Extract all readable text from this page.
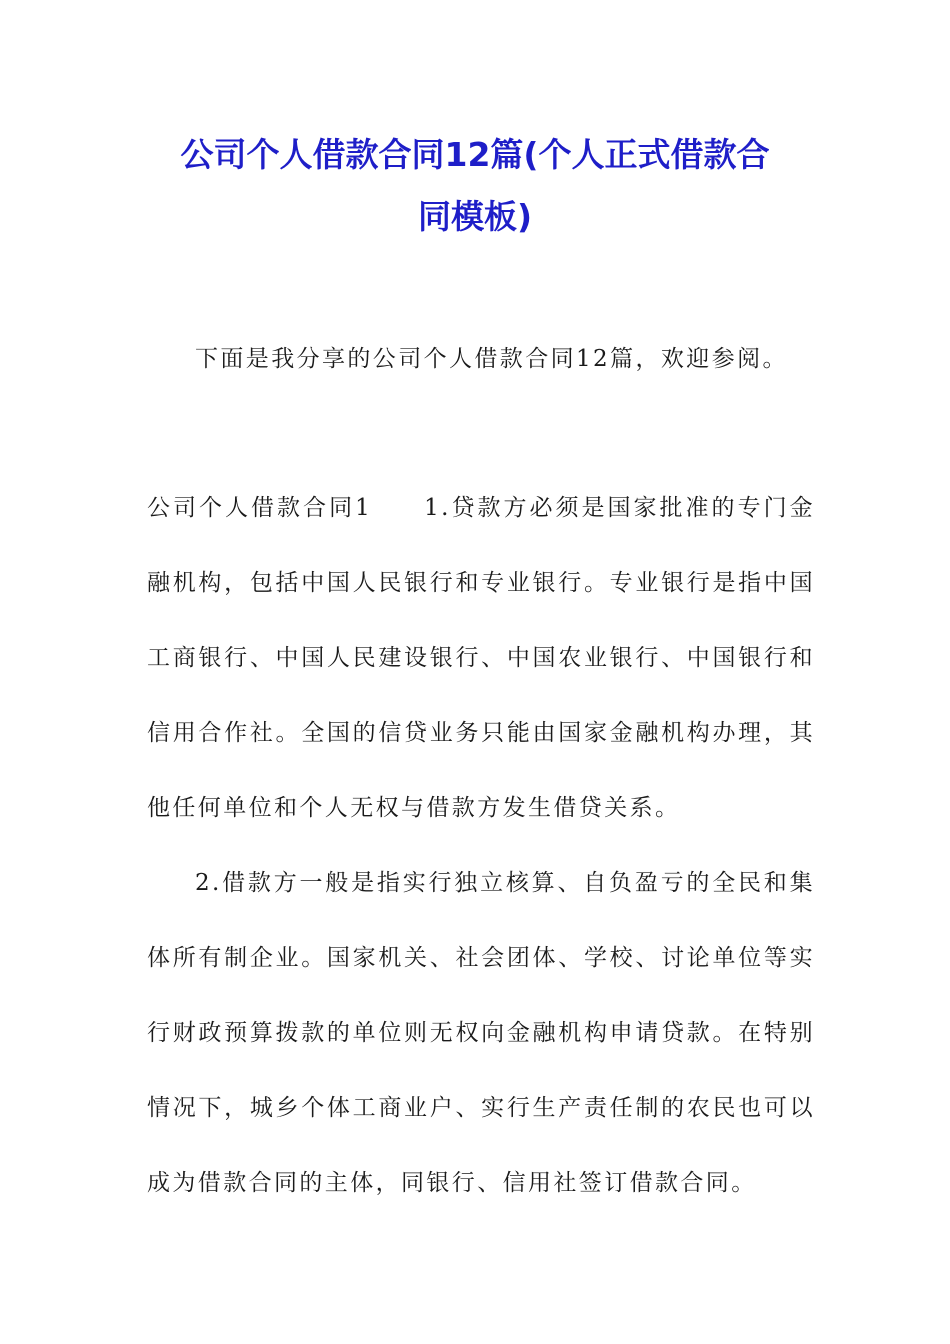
公司个人借款合同12篇(个人正式借款合
同模板)

下面是我分享的公司个人借款合同12篇，欢迎参阅。

公司个人借款合同1 1.贷款方必须是国家批准的专门金融机构，包括中国人民银行和专业银行。专业银行是指中国工商银行、中国人民建设银行、中国农业银行、中国银行和信用合作社。全国的信贷业务只能由国家金融机构办理，其他任何单位和个人无权与借款方发生借贷关系。

2.借款方一般是指实行独立核算、自负盈亏的全民和集体所有制企业。国家机关、社会团体、学校、讨论单位等实行财政预算拨款的单位则无权向金融机构申请贷款。在特别情况下，城乡个体工商业户、实行生产责任制的农民也可以成为借款合同的主体，同银行、信用社签订借款合同。
